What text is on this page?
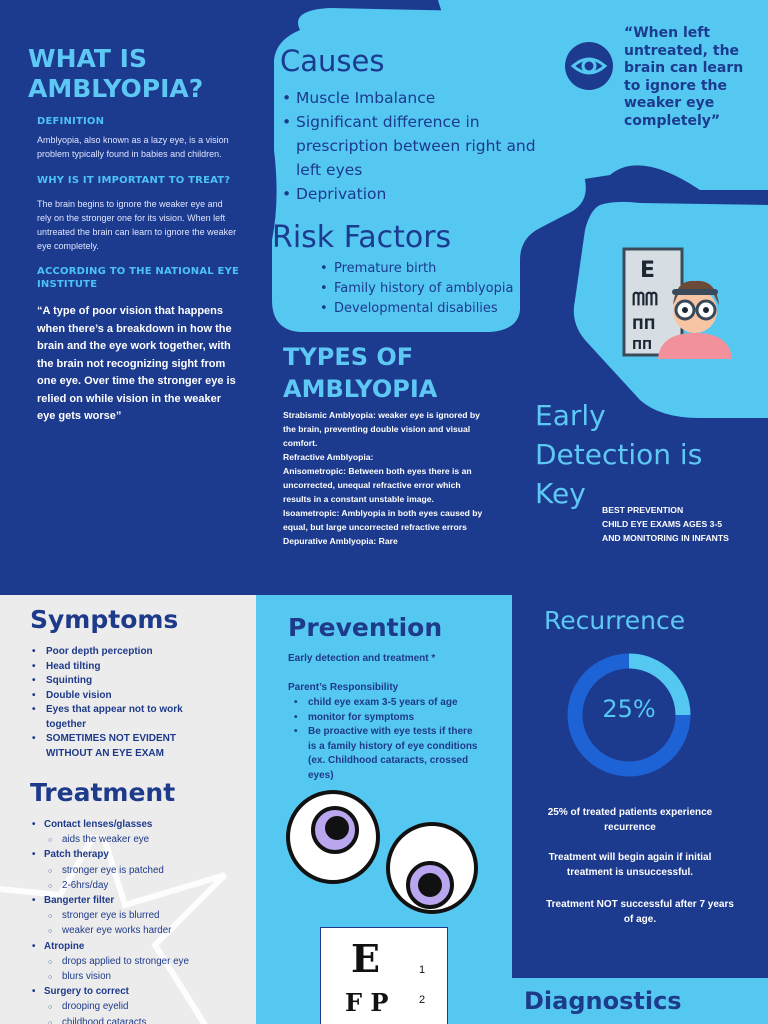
WHAT IS
AMBLYOPIA?
DEFINITION
Amblyopia, also known as a lazy eye, is a vision problem typically found in babies and children.
WHY IS IT IMPORTANT TO TREAT?
The brain begins to ignore the weaker eye and rely on the stronger one for its vision. When left untreated the brain can learn to ignore the weaker eye completely.
ACCORDING TO THE NATIONAL EYE INSTITUTE
“A type of poor vision that happens when there’s a breakdown in how the brain and the eye work together, with the brain not recognizing sight from one eye. Over time the stronger eye is relied on while vision in the weaker eye gets worse”
Causes
• Muscle Imbalance
• Significant difference in prescription between right and left eyes
• Deprivation
Risk Factors
• Premature birth
• Family history of amblyopia
• Developmental disabilies
TYPES OF
AMBLYOPIA
Strabismic Amblyopia: weaker eye is ignored by the brain, preventing double vision and visual comfort.
Refractive Amblyopia:
Anisometropic: Between both eyes there is an uncorrected, unequal refractive error which results in a constant unstable image.
Isoametropic: Amblyopia in both eyes caused by equal, but large uncorrected refractive errors
Depurative Amblyopia: Rare
“When left untreated, the brain can learn to ignore the weaker eye completely”
E
ᗰᗰ
ΠΠ
ΠΠ
Early
Detection is
Key	BEST PREVENTION
CHILD EYE EXAMS AGES 3-5
AND MONITORING IN INFANTS
Symptoms
• Poor depth perception
• Head tilting
• Squinting
• Double vision
• Eyes that appear not to work together
• SOMETIMES NOT EVIDENT WITHOUT AN EYE EXAM
Treatment
• Contact lenses/glasses
○ aids the weaker eye
• Patch therapy
○ stronger eye is patched
○ 2-6hrs/day
• Bangerter filter
○ stronger eye is blurred
○ weaker eye works harder
• Atropine
○ drops applied to stronger eye
○ blurs vision
• Surgery to correct
○ drooping eyelid
○ childhood cataracts
Prevention
Early detection and treatment *
Parent’s Responsibility
• child eye exam 3-5 years of age
• monitor for symptoms
• Be proactive with eye tests if there is a family history of eye conditions (ex. Childhood cataracts, crossed eyes)
E	1
F P	2
Recurrence
25%
25% of treated patients experience recurrence
Treatment will begin again if initial treatment is unsuccessful.
Treatment NOT successful after 7 years of age.
Diagnostics
